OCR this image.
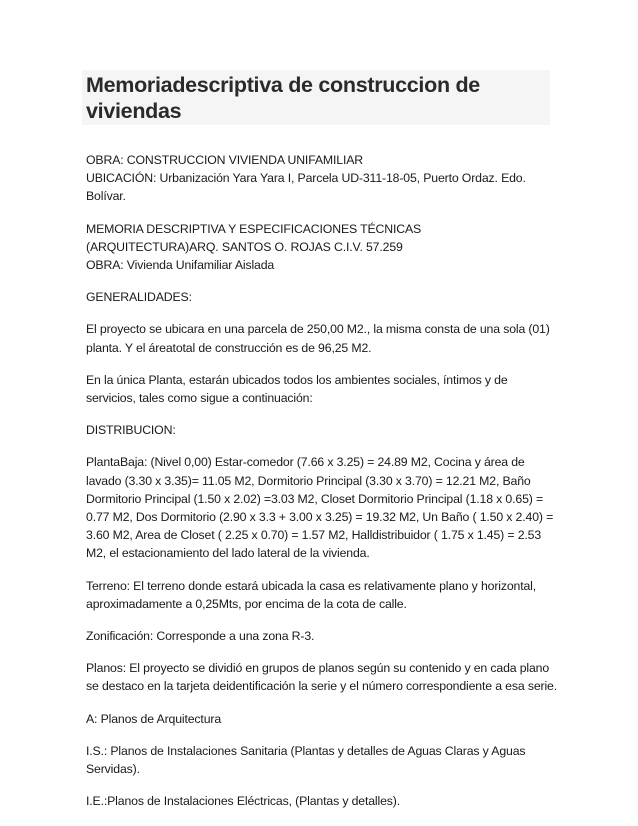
Memoriadescriptiva de construccion de viviendas

OBRA: CONSTRUCCION VIVIENDA UNIFAMILIAR
UBICACIÓN: Urbanización Yara Yara I, Parcela UD-311-18-05, Puerto Ordaz. Edo. Bolívar.

MEMORIA DESCRIPTIVA Y ESPECIFICACIONES TÉCNICAS
(ARQUITECTURA)ARQ. SANTOS O. ROJAS C.I.V. 57.259
OBRA: Vivienda Unifamiliar Aislada

GENERALIDADES:

El proyecto se ubicara en una parcela de 250,00 M2., la misma consta de una sola (01) planta. Y el áreatotal de construcción es de 96,25 M2.

En la única Planta, estarán ubicados todos los ambientes sociales, íntimos y de servicios, tales como sigue a continuación:

DISTRIBUCION:

PlantaBaja: (Nivel 0,00) Estar-comedor (7.66 x 3.25) = 24.89 M2, Cocina y área de lavado (3.30 x 3.35)= 11.05 M2, Dormitorio Principal (3.30 x 3.70) = 12.21 M2, Baño Dormitorio Principal (1.50 x 2.02) =3.03 M2, Closet Dormitorio Principal (1.18 x 0.65) = 0.77 M2, Dos Dormitorio (2.90 x 3.3 + 3.00 x 3.25) = 19.32 M2, Un Baño ( 1.50 x 2.40) = 3.60 M2, Area de Closet ( 2.25 x 0.70) = 1.57 M2, Halldistribuidor ( 1.75 x 1.45) = 2.53 M2, el estacionamiento del lado lateral de la vivienda.

Terreno: El terreno donde estará ubicada la casa es relativamente plano y horizontal, aproximadamente a 0,25Mts, por encima de la cota de calle.

Zonificación: Corresponde a una zona R-3.

Planos: El proyecto se dividió en grupos de planos según su contenido y en cada plano se destaco en la tarjeta deidentificación la serie y el número correspondiente a esa serie.

A: Planos de Arquitectura

I.S.: Planos de Instalaciones Sanitaria (Plantas y detalles de Aguas Claras y Aguas Servidas).

I.E.:Planos de Instalaciones Eléctricas, (Plantas y detalles).
